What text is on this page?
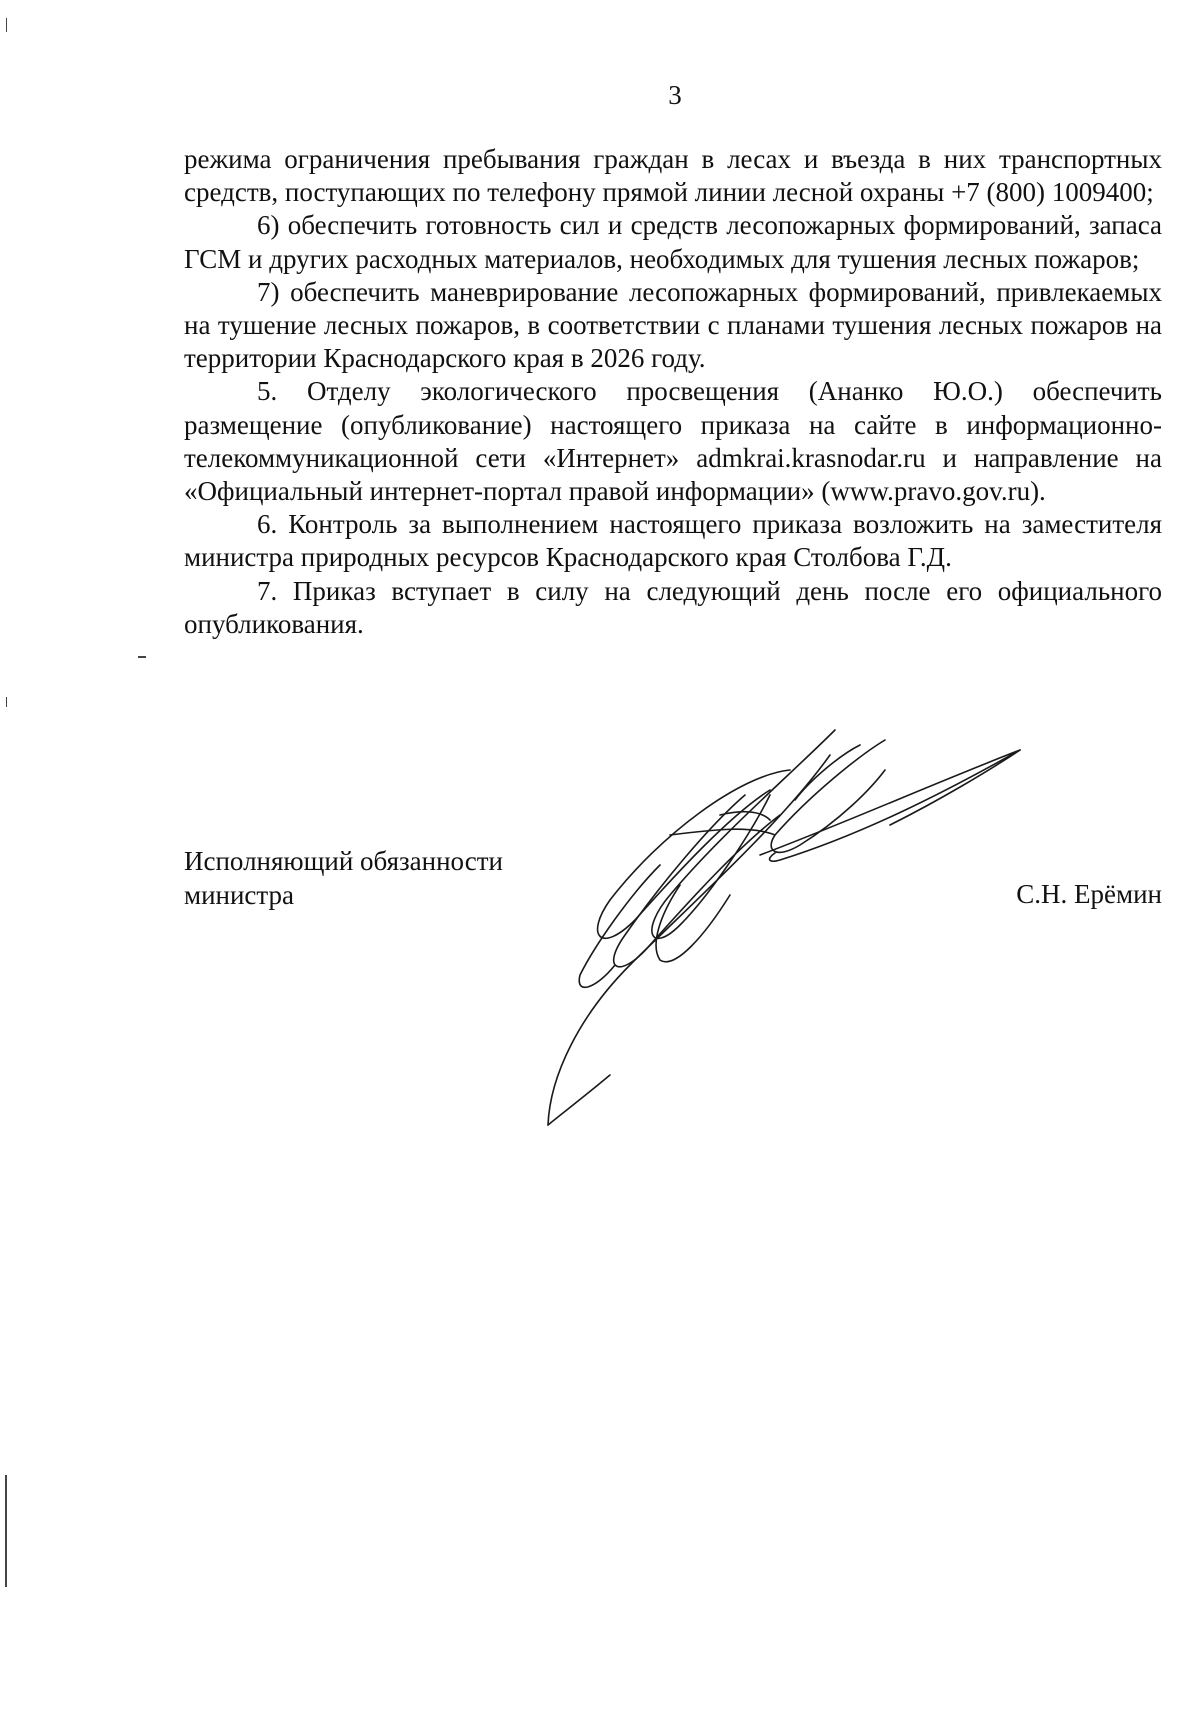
3

режима ограничения пребывания граждан в лесах и въезда в них транспортных средств, поступающих по телефону прямой линии лесной охраны +7 (800) 1009400;

6) обеспечить готовность сил и средств лесопожарных формирований, запаса ГСМ и других расходных материалов, необходимых для тушения лесных пожаров;

7) обеспечить маневрирование лесопожарных формирований, привлекаемых на тушение лесных пожаров, в соответствии с планами тушения лесных пожаров на территории Краснодарского края в 2026 году.

5. Отделу экологического просвещения (Ананко Ю.О.) обеспечить размещение (опубликование) настоящего приказа на сайте в информационно-телекоммуникационной сети «Интернет» admkrai.krasnodar.ru и направление на «Официальный интернет-портал правой информации» (www.pravo.gov.ru).

6. Контроль за выполнением настоящего приказа возложить на заместителя министра природных ресурсов Краснодарского края Столбова Г.Д.

7. Приказ вступает в силу на следующий день после его официального опубликования.

Исполняющий обязанности
министра	С.Н. Ерёмин
